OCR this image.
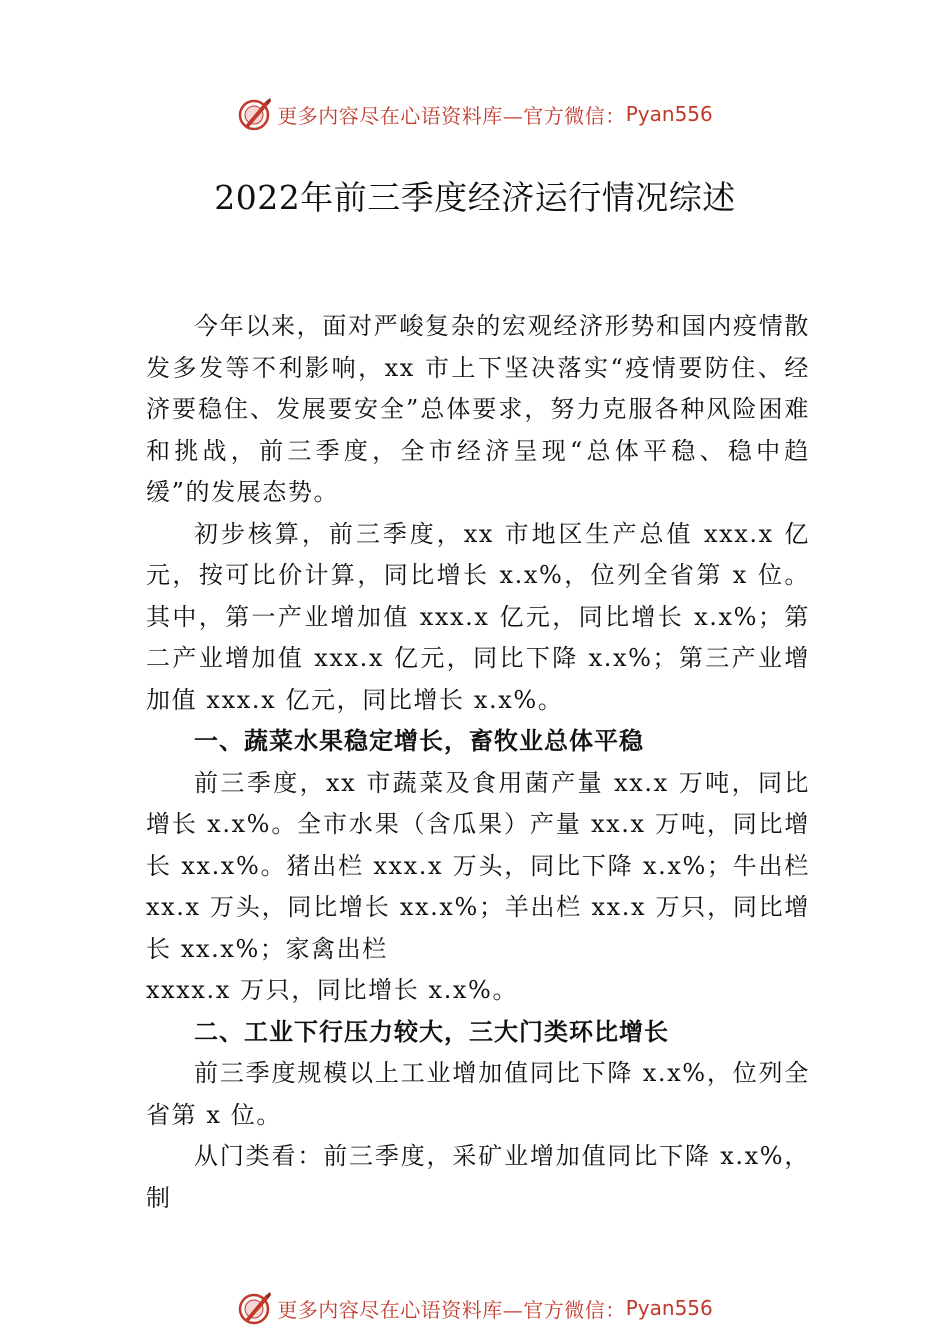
更多内容尽在心语资料库—官方微信： Pyan556
2022年前三季度经济运行情况综述

今年以来，面对严峻复杂的宏观经济形势和国内疫情散发多发等不利影响，xx 市上下坚决落实“疫情要防住、经济要稳住、发展要安全”总体要求，努力克服各种风险困难和挑战，前三季度，全市经济呈现“总体平稳、稳中趋缓”的发展态势。

初步核算，前三季度，xx 市地区生产总值 xxx.x 亿元，按可比价计算，同比增长 x.x%，位列全省第 x 位。其中，第一产业增加值 xxx.x 亿元，同比增长 x.x%；第二产业增加值 xxx.x 亿元，同比下降 x.x%；第三产业增加值 xxx.x 亿元，同比增长 x.x%。

一、蔬菜水果稳定增长，畜牧业总体平稳

前三季度，xx 市蔬菜及食用菌产量 xx.x 万吨，同比增长 x.x%。全市水果（含瓜果）产量 xx.x 万吨，同比增长 xx.x%。猪出栏 xxx.x 万头，同比下降 x.x%；牛出栏 xx.x 万头，同比增长 xx.x%；羊出栏 xx.x 万只，同比增长 xx.x%；家禽出栏

xxxx.x 万只，同比增长 x.x%。

二、工业下行压力较大，三大门类环比增长

前三季度规模以上工业增加值同比下降 x.x%，位列全省第 x 位。

从门类看：前三季度，采矿业增加值同比下降 x.x%，制

更多内容尽在心语资料库—官方微信： Pyan556
